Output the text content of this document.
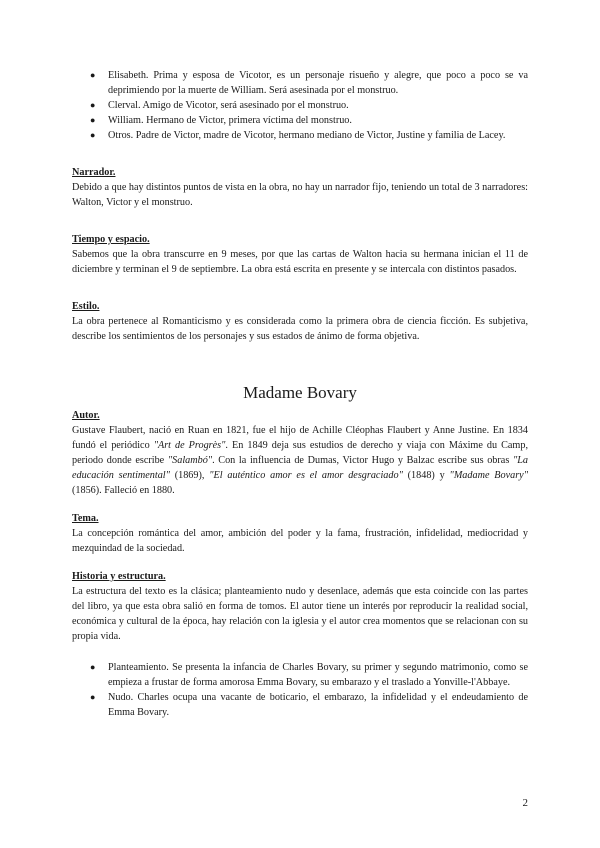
● Elisabeth. Prima y esposa de Vicotor, es un personaje risueño y alegre, que poco a poco se va deprimiendo por la muerte de William. Será asesinada por el monstruo.
● Clerval. Amigo de Vicotor, será asesinado por el monstruo.
● William. Hermano de Victor, primera víctima del monstruo.
● Otros. Padre de Victor, madre de Vicotor, hermano mediano de Victor, Justine y familia de Lacey.

Narrador.

Debido a que hay distintos puntos de vista en la obra, no hay un narrador fijo, teniendo un total de 3 narradores: Walton, Victor y el monstruo.

Tiempo y espacio.

Sabemos que la obra transcurre en 9 meses, por que las cartas de Walton hacia su hermana inician el 11 de diciembre y terminan el 9 de septiembre. La obra está escrita en presente y se intercala con distintos pasados.

Estilo.

La obra pertenece al Romanticismo y es considerada como la primera obra de ciencia ficción. Es subjetiva, describe los sentimientos de los personajes y sus estados de ánimo de forma objetiva.

Madame Bovary

Autor.

Gustave Flaubert, nació en Ruan en 1821, fue el hijo de Achille Cléophas Flaubert y Anne Justine. En 1834 fundó el periódico "Art de Progrès". En 1849 deja sus estudios de derecho y viaja con Máxime du Camp, periodo donde escribe "Salambó". Con la influencia de Dumas, Victor Hugo y Balzac escribe sus obras "La educación sentimental" (1869), "El auténtico amor es el amor desgraciado" (1848) y "Madame Bovary" (1856). Falleció en 1880.

Tema.

La concepción romántica del amor, ambición del poder y la fama, frustración, infidelidad, mediocridad y mezquindad de la sociedad.

Historia y estructura.

La estructura del texto es la clásica; planteamiento nudo y desenlace, además que esta coincide con las partes del libro, ya que esta obra salió en forma de tomos. El autor tiene un interés por reproducir la realidad social, económica y cultural de la época, hay relación con la iglesia y el autor crea momentos que se relacionan con su propia vida.

● Planteamiento. Se presenta la infancia de Charles Bovary, su primer y segundo matrimonio, como se empieza a frustar de forma amorosa Emma Bovary, su embarazo y el traslado a Yonville-l'Abbaye.
● Nudo. Charles ocupa una vacante de boticario, el embarazo, la infidelidad y el endeudamiento de Emma Bovary.
2
